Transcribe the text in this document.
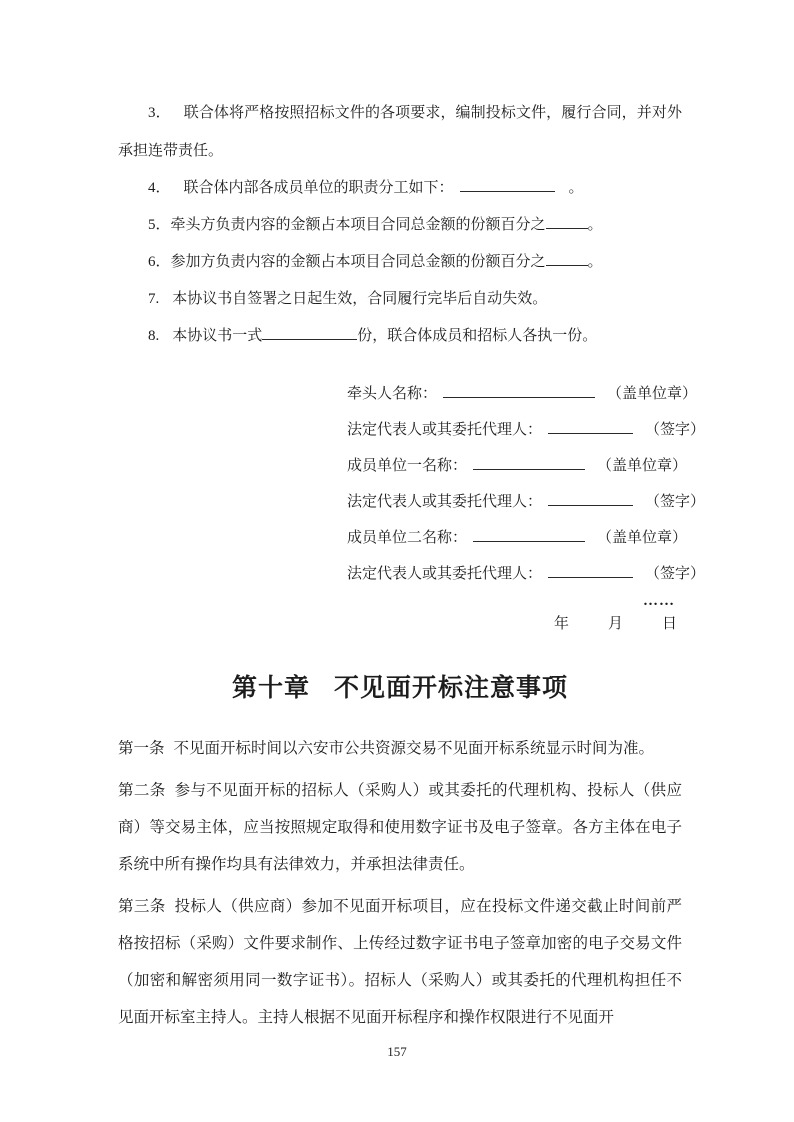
3． 联合体将严格按照招标文件的各项要求，编制投标文件，履行合同，并对外承担连带责任。

4． 联合体内部各成员单位的职责分工如下：	。

5．牵头方负责内容的金额占本项目合同总金额的份额百分之	。

6．参加方负责内容的金额占本项目合同总金额的份额百分之	。

7. 本协议书自签署之日起生效，合同履行完毕后自动失效。

8. 本协议书一式	份，联合体成员和招标人各执一份。

牵头人名称：	（盖单位章）
法定代表人或其委托代理人：	（签字）
成员单位一名称：	（盖单位章）
法定代表人或其委托代理人：	（签字）
成员单位二名称：	（盖单位章）
法定代表人或其委托代理人：	（签字）
……
年	月	日
第十章 不见面开标注意事项

第一条 不见面开标时间以六安市公共资源交易不见面开标系统显示时间为准。

第二条 参与不见面开标的招标人（采购人）或其委托的代理机构、投标人（供应商）等交易主体，应当按照规定取得和使用数字证书及电子签章。各方主体在电子系统中所有操作均具有法律效力，并承担法律责任。

第三条 投标人（供应商）参加不见面开标项目，应在投标文件递交截止时间前严格按招标（采购）文件要求制作、上传经过数字证书电子签章加密的电子交易文件（加密和解密须用同一数字证书）。招标人（采购人）或其委托的代理机构担任不见面开标室主持人。主持人根据不见面开标程序和操作权限进行不见面开

157
